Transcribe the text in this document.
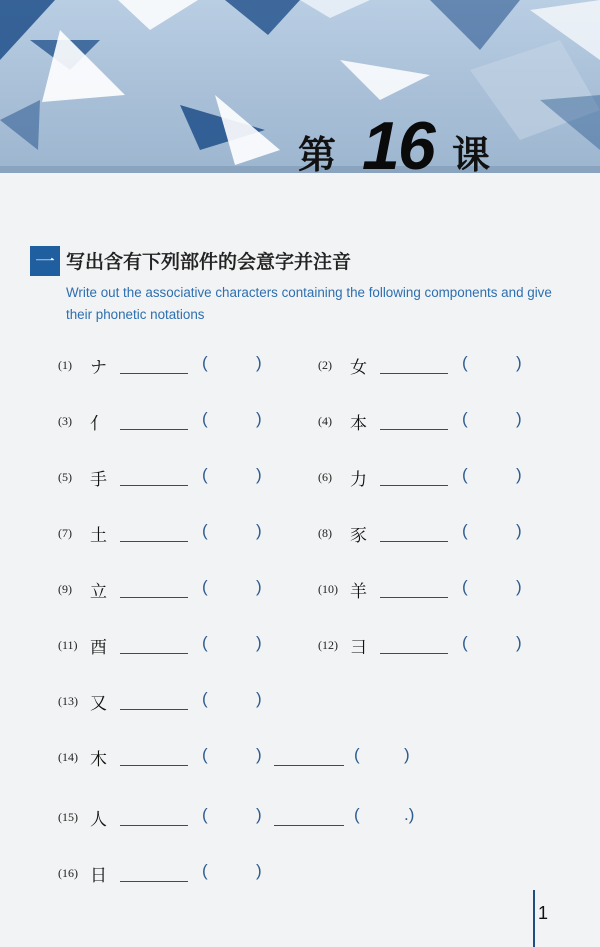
第 16 课
一 写出含有下列部件的会意字并注音
Write out the associative characters containing the following components and give their phonetic notations
(1) ナ	(	)	(2) 女	(	)
(3) 亻	(	)	(4) 本	(	)
(5) 手	(	)	(6) 力	(	)
(7) 土	(	)	(8) 豕	(	)
(9) 立	(	)	(10) 羊	(	)
(11) 酉	(	)	(12) 彐	(	)
(13) 又	(	)
(14) 木	(	)	(	)
(15) 人	(	)	(	.)
(16) 日	(	)
1
